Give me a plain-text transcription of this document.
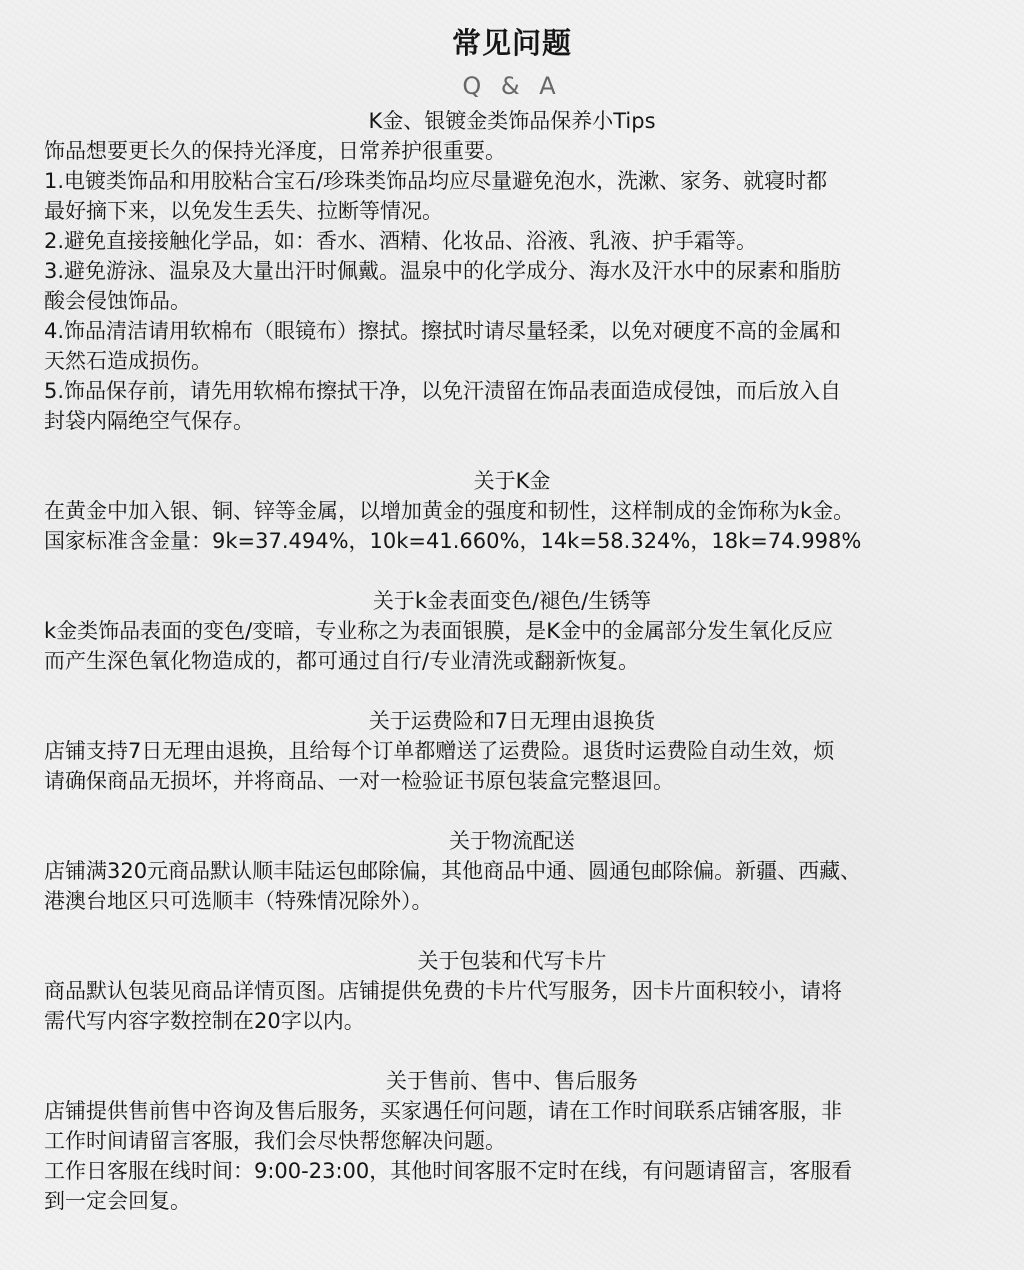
常见问题
Q & A
K金、银镀金类饰品保养小Tips
饰品想要更长久的保持光泽度，日常养护很重要。
1.电镀类饰品和用胶粘合宝石/珍珠类饰品均应尽量避免泡水，洗漱、家务、就寝时都
最好摘下来，以免发生丢失、拉断等情况。
2.避免直接接触化学品，如：香水、酒精、化妆品、浴液、乳液、护手霜等。
3.避免游泳、温泉及大量出汗时佩戴。温泉中的化学成分、海水及汗水中的尿素和脂肪
酸会侵蚀饰品。
4.饰品清洁请用软棉布（眼镜布）擦拭。擦拭时请尽量轻柔，以免对硬度不高的金属和
天然石造成损伤。
5.饰品保存前，请先用软棉布擦拭干净，以免汗渍留在饰品表面造成侵蚀，而后放入自
封袋内隔绝空气保存。
关于K金
在黄金中加入银、铜、锌等金属，以增加黄金的强度和韧性，这样制成的金饰称为k金。
国家标准含金量：9k=37.494%，10k=41.660%，14k=58.324%，18k=74.998%
关于k金表面变色/褪色/生锈等
k金类饰品表面的变色/变暗，专业称之为表面银膜，是K金中的金属部分发生氧化反应
而产生深色氧化物造成的，都可通过自行/专业清洗或翻新恢复。
关于运费险和7日无理由退换货
店铺支持7日无理由退换，且给每个订单都赠送了运费险。退货时运费险自动生效，烦
请确保商品无损坏，并将商品、一对一检验证书原包装盒完整退回。
关于物流配送
店铺满320元商品默认顺丰陆运包邮除偏，其他商品中通、圆通包邮除偏。新疆、西藏、
港澳台地区只可选顺丰（特殊情况除外）。
关于包装和代写卡片
商品默认包装见商品详情页图。店铺提供免费的卡片代写服务，因卡片面积较小，请将
需代写内容字数控制在20字以内。
关于售前、售中、售后服务
店铺提供售前售中咨询及售后服务，买家遇任何问题，请在工作时间联系店铺客服，非
工作时间请留言客服，我们会尽快帮您解决问题。
工作日客服在线时间：9:00-23:00，其他时间客服不定时在线，有问题请留言，客服看
到一定会回复。
